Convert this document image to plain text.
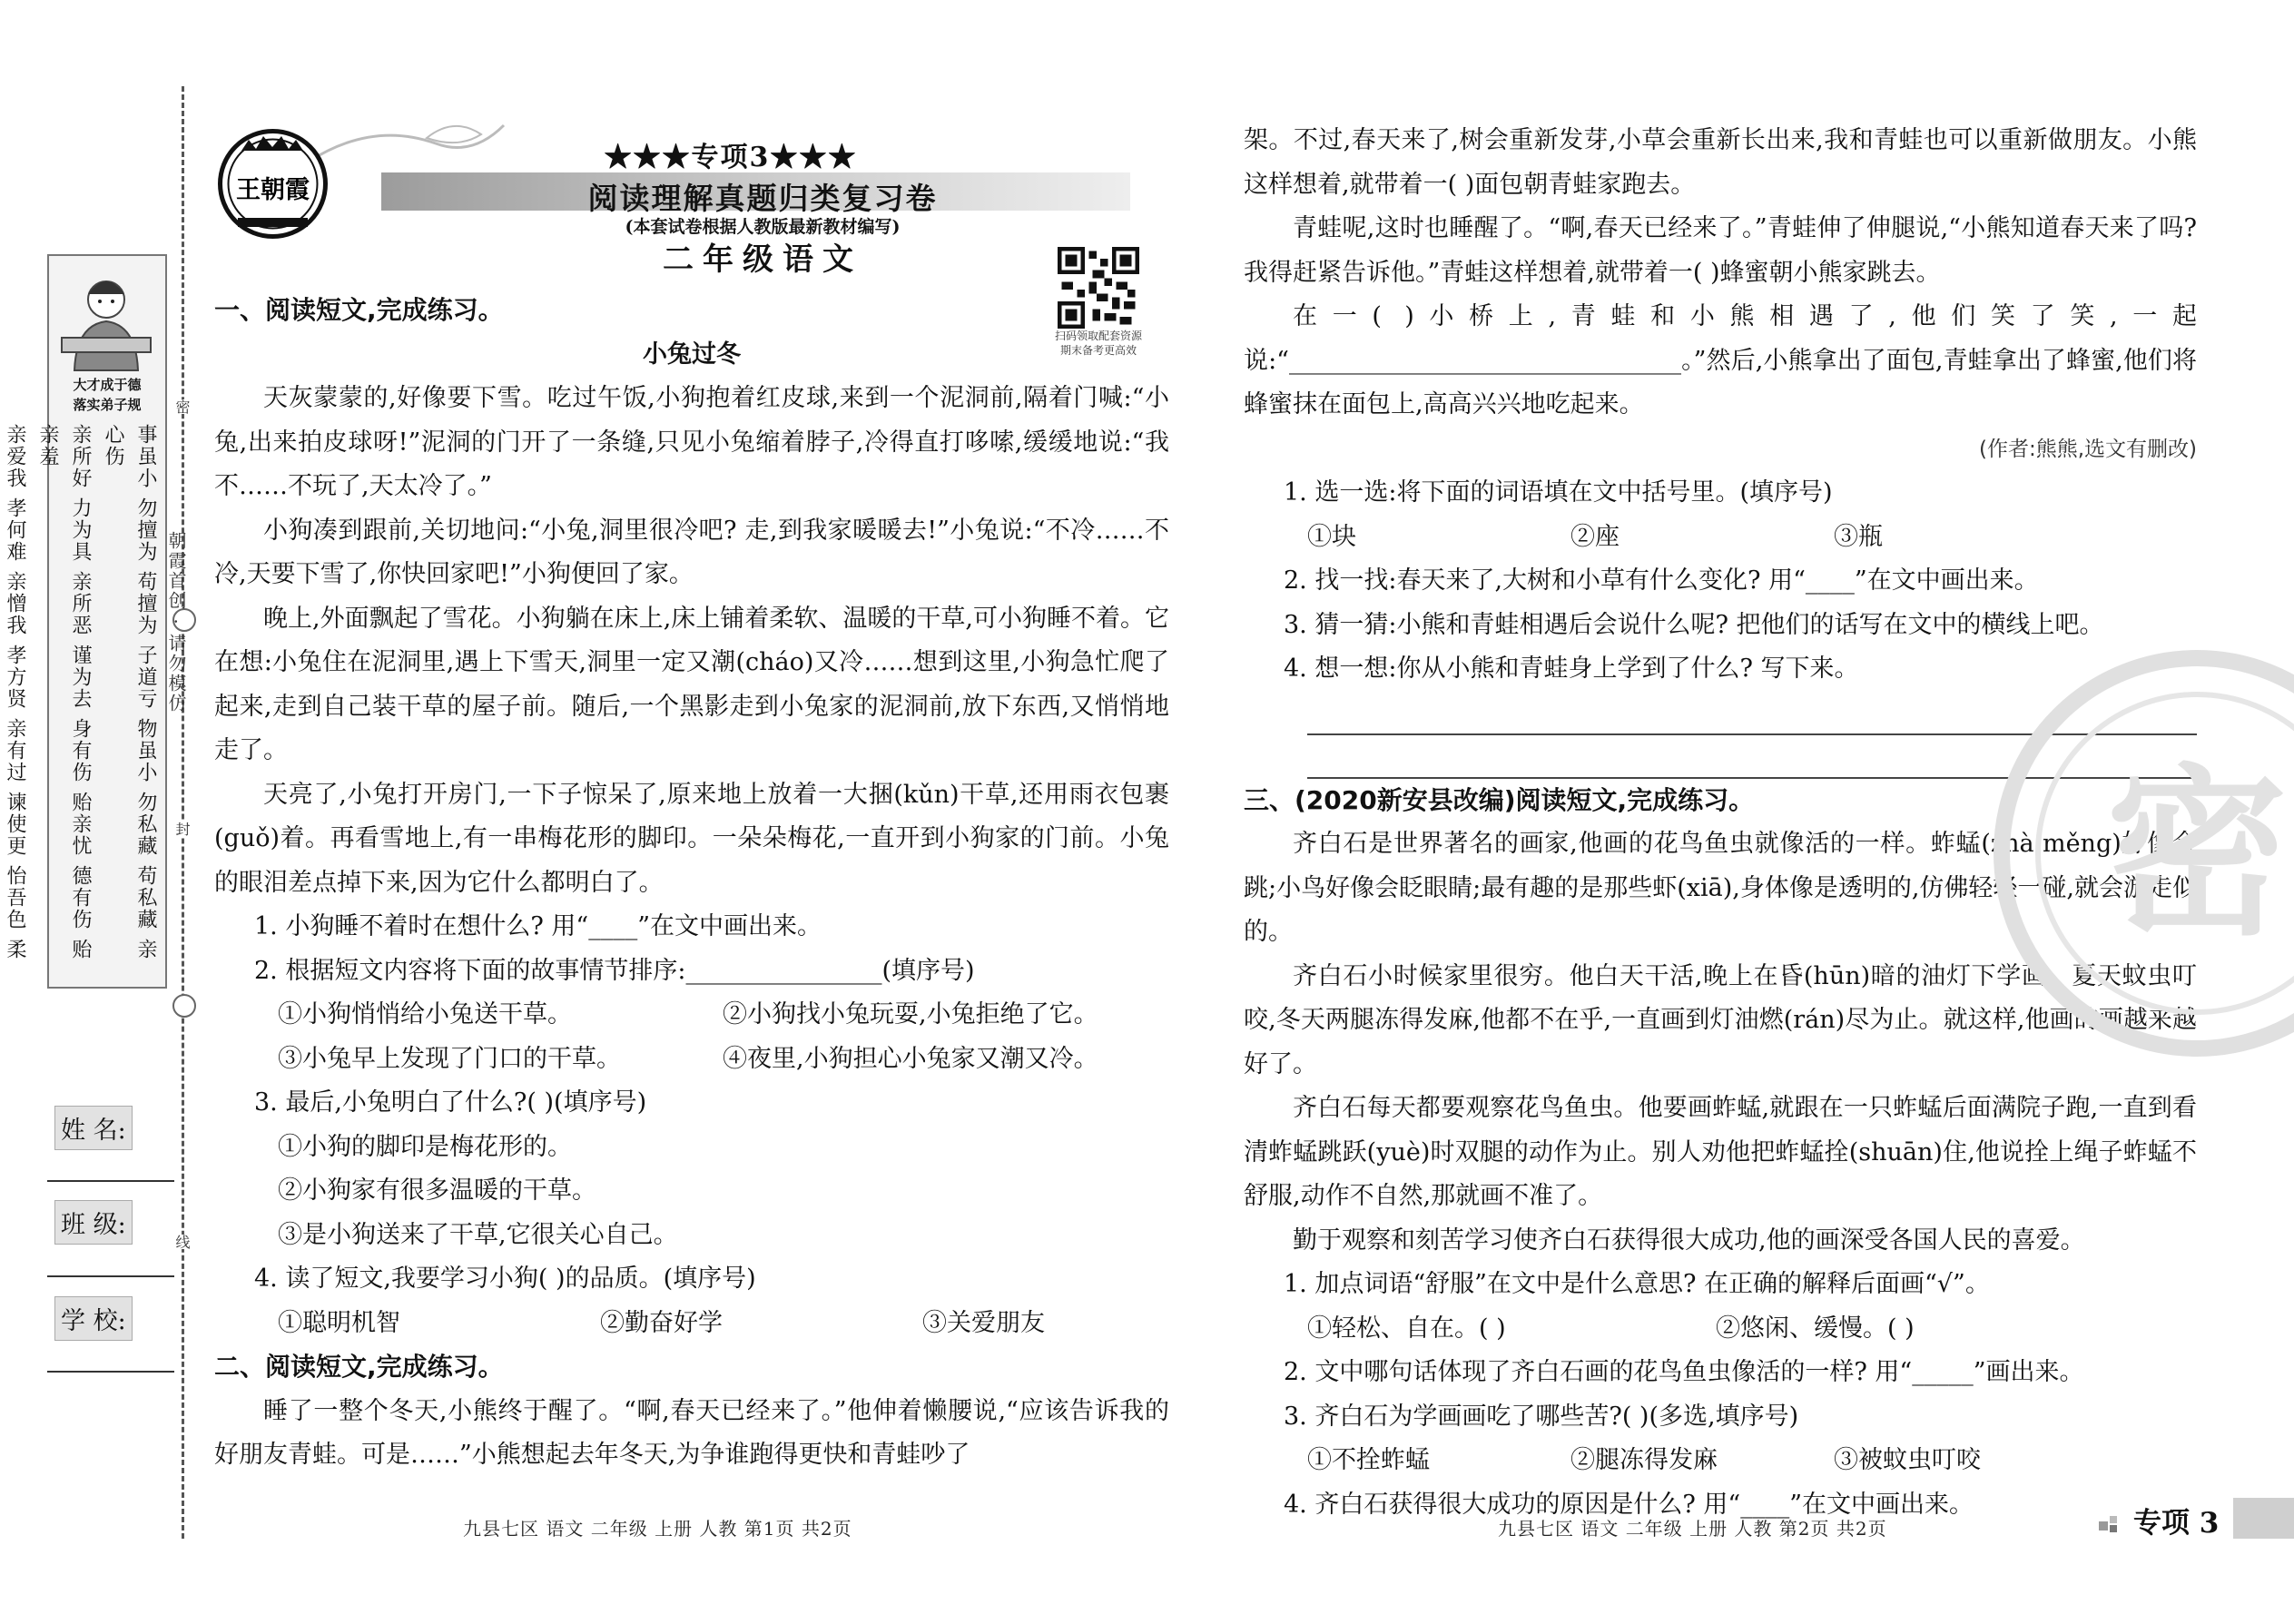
大才成于德
落实弟子规
事虽小 勿擅为 苟擅为 子道亏 物虽小 勿私藏 苟私藏 亲心伤
亲所好 力为具 亲所恶 谨为去 身有伤 贻亲忧 德有伤 贻亲羞
亲爱我 孝何难 亲憎我 孝方贤 亲有过 谏使更 怡吾色 柔
密
封
线
朝霞首创 · 请勿模仿
姓 名:
班 级:
学 校:
王朝霞
★★★专项3★★★
阅读理解真题归类复习卷
(本套试卷根据人教版最新教材编写)
二年级语文
扫码领取配套资源
期末备考更高效
一、阅读短文,完成练习。
小兔过冬
天灰蒙蒙的,好像要下雪。吃过午饭,小狗抱着红皮球,来到一个泥洞前,隔着门喊:“小兔,出来拍皮球呀!”泥洞的门开了一条缝,只见小兔缩着脖子,冷得直打哆嗦,缓缓地说:“我不……不玩了,天太冷了。”
小狗凑到跟前,关切地问:“小兔,洞里很冷吧? 走,到我家暖暖去!”小兔说:“不冷……不冷,天要下雪了,你快回家吧!”小狗便回了家。
晚上,外面飘起了雪花。小狗躺在床上,床上铺着柔软、温暖的干草,可小狗睡不着。它在想:小兔住在泥洞里,遇上下雪天,洞里一定又潮(cháo)又冷……想到这里,小狗急忙爬了起来,走到自己装干草的屋子前。随后,一个黑影走到小兔家的泥洞前,放下东西,又悄悄地走了。
天亮了,小兔打开房门,一下子惊呆了,原来地上放着一大捆(kǔn)干草,还用雨衣包裹(guǒ)着。再看雪地上,有一串梅花形的脚印。一朵朵梅花,一直开到小狗家的门前。小兔的眼泪差点掉下来,因为它什么都明白了。
1. 小狗睡不着时在想什么? 用“____”在文中画出来。
2. 根据短文内容将下面的故事情节排序:________________(填序号)
①小狗悄悄给小兔送干草。	②小狗找小兔玩耍,小兔拒绝了它。
③小兔早上发现了门口的干草。	④夜里,小狗担心小兔家又潮又冷。
3. 最后,小兔明白了什么?( )(填序号)
①小狗的脚印是梅花形的。
②小狗家有很多温暖的干草。
③是小狗送来了干草,它很关心自己。
4. 读了短文,我要学习小狗( )的品质。(填序号)
①聪明机智	②勤奋好学	③关爱朋友
二、阅读短文,完成练习。
睡了一整个冬天,小熊终于醒了。“啊,春天已经来了。”他伸着懒腰说,“应该告诉我的好朋友青蛙。可是……”小熊想起去年冬天,为争谁跑得更快和青蛙吵了
架。不过,春天来了,树会重新发芽,小草会重新长出来,我和青蛙也可以重新做朋友。小熊这样想着,就带着一( )面包朝青蛙家跑去。
青蛙呢,这时也睡醒了。“啊,春天已经来了。”青蛙伸了伸腿说,“小熊知道春天来了吗? 我得赶紧告诉他。”青蛙这样想着,就带着一( )蜂蜜朝小熊家跳去。
在一( )小桥上,青蛙和小熊相遇了,他们笑了笑,一起说:“________________________________。”然后,小熊拿出了面包,青蛙拿出了蜂蜜,他们将蜂蜜抹在面包上,高高兴兴地吃起来。
(作者:熊熊,选文有删改)
1. 选一选:将下面的词语填在文中括号里。(填序号)
①块	②座	③瓶
2. 找一找:春天来了,大树和小草有什么变化? 用“____”在文中画出来。
3. 猜一猜:小熊和青蛙相遇后会说什么呢? 把他们的话写在文中的横线上吧。
4. 想一想:你从小熊和青蛙身上学到了什么? 写下来。
三、(2020新安县改编)阅读短文,完成练习。
齐白石是世界著名的画家,他画的花鸟鱼虫就像活的一样。蚱蜢(zhà měng)好像会跳;小鸟好像会眨眼睛;最有趣的是那些虾(xiā),身体像是透明的,仿佛轻轻一碰,就会游走似的。
齐白石小时候家里很穷。他白天干活,晚上在昏(hūn)暗的油灯下学画。夏天蚊虫叮咬,冬天两腿冻得发麻,他都不在乎,一直画到灯油燃(rán)尽为止。就这样,他画的画越来越好了。
齐白石每天都要观察花鸟鱼虫。他要画蚱蜢,就跟在一只蚱蜢后面满院子跑,一直到看清蚱蜢跳跃(yuè)时双腿的动作为止。别人劝他把蚱蜢拴(shuān)住,他说拴上绳子蚱蜢不舒服,动作不自然,那就画不准了。
勤于观察和刻苦学习使齐白石获得很大成功,他的画深受各国人民的喜爱。
1. 加点词语“舒服”在文中是什么意思? 在正确的解释后面画“√”。
①轻松、自在。( )	②悠闲、缓慢。( )
2. 文中哪句话体现了齐白石画的花鸟鱼虫像活的一样? 用“_____”画出来。
3. 齐白石为学画画吃了哪些苦?( )(多选,填序号)
①不拴蚱蜢	②腿冻得发麻	③被蚊虫叮咬
4. 齐白石获得很大成功的原因是什么? 用“____”在文中画出来。
密
九县七区 语文 二年级 上册 人教 第1页 共2页	九县七区 语文 二年级 上册 人教 第2页 共2页	专项 3
